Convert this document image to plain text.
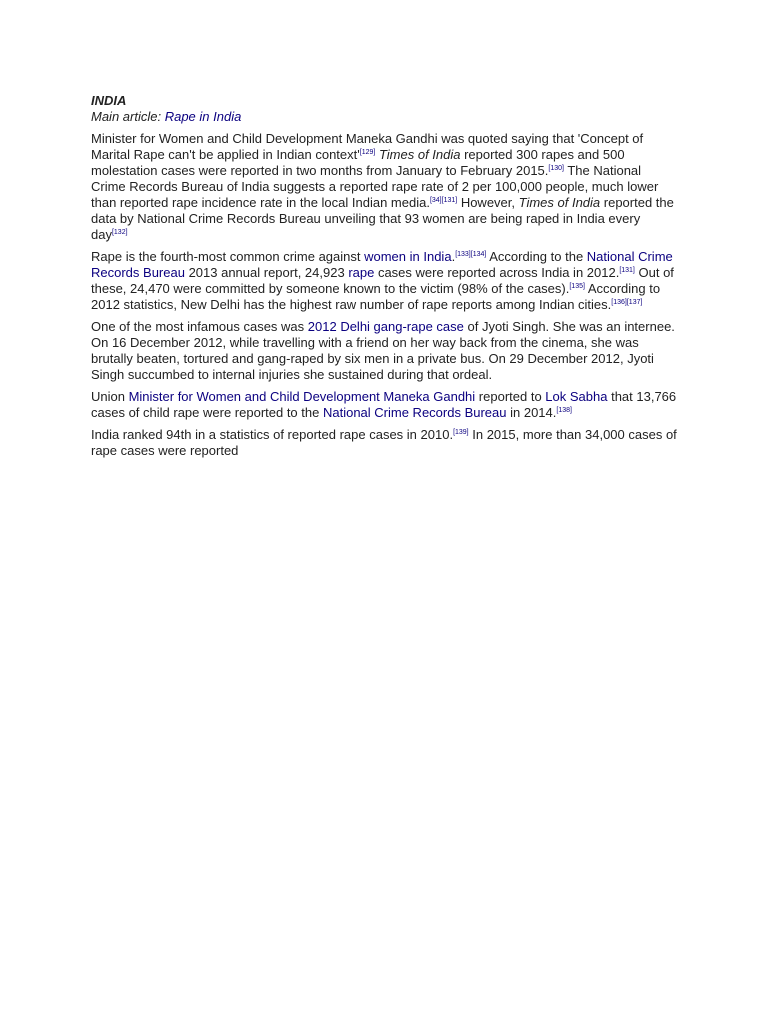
INDIA
Main article: Rape in India

Minister for Women and Child Development Maneka Gandhi was quoted saying that 'Concept of Marital Rape can't be applied in Indian context'[129] Times of India reported 300 rapes and 500 molestation cases were reported in two months from January to February 2015.[130] The National Crime Records Bureau of India suggests a reported rape rate of 2 per 100,000 people, much lower than reported rape incidence rate in the local Indian media.[34][131] However, Times of India reported the data by National Crime Records Bureau unveiling that 93 women are being raped in India every day[132]

Rape is the fourth-most common crime against women in India.[133][134] According to the National Crime Records Bureau 2013 annual report, 24,923 rape cases were reported across India in 2012.[131] Out of these, 24,470 were committed by someone known to the victim (98% of the cases).[135] According to 2012 statistics, New Delhi has the highest raw number of rape reports among Indian cities.[136][137]

One of the most infamous cases was 2012 Delhi gang-rape case of Jyoti Singh. She was an internee. On 16 December 2012, while travelling with a friend on her way back from the cinema, she was brutally beaten, tortured and gang-raped by six men in a private bus. On 29 December 2012, Jyoti Singh succumbed to internal injuries she sustained during that ordeal.

Union Minister for Women and Child Development Maneka Gandhi reported to Lok Sabha that 13,766 cases of child rape were reported to the National Crime Records Bureau in 2014.[138]

India ranked 94th in a statistics of reported rape cases in 2010.[139] In 2015, more than 34,000 cases of rape cases were reported
